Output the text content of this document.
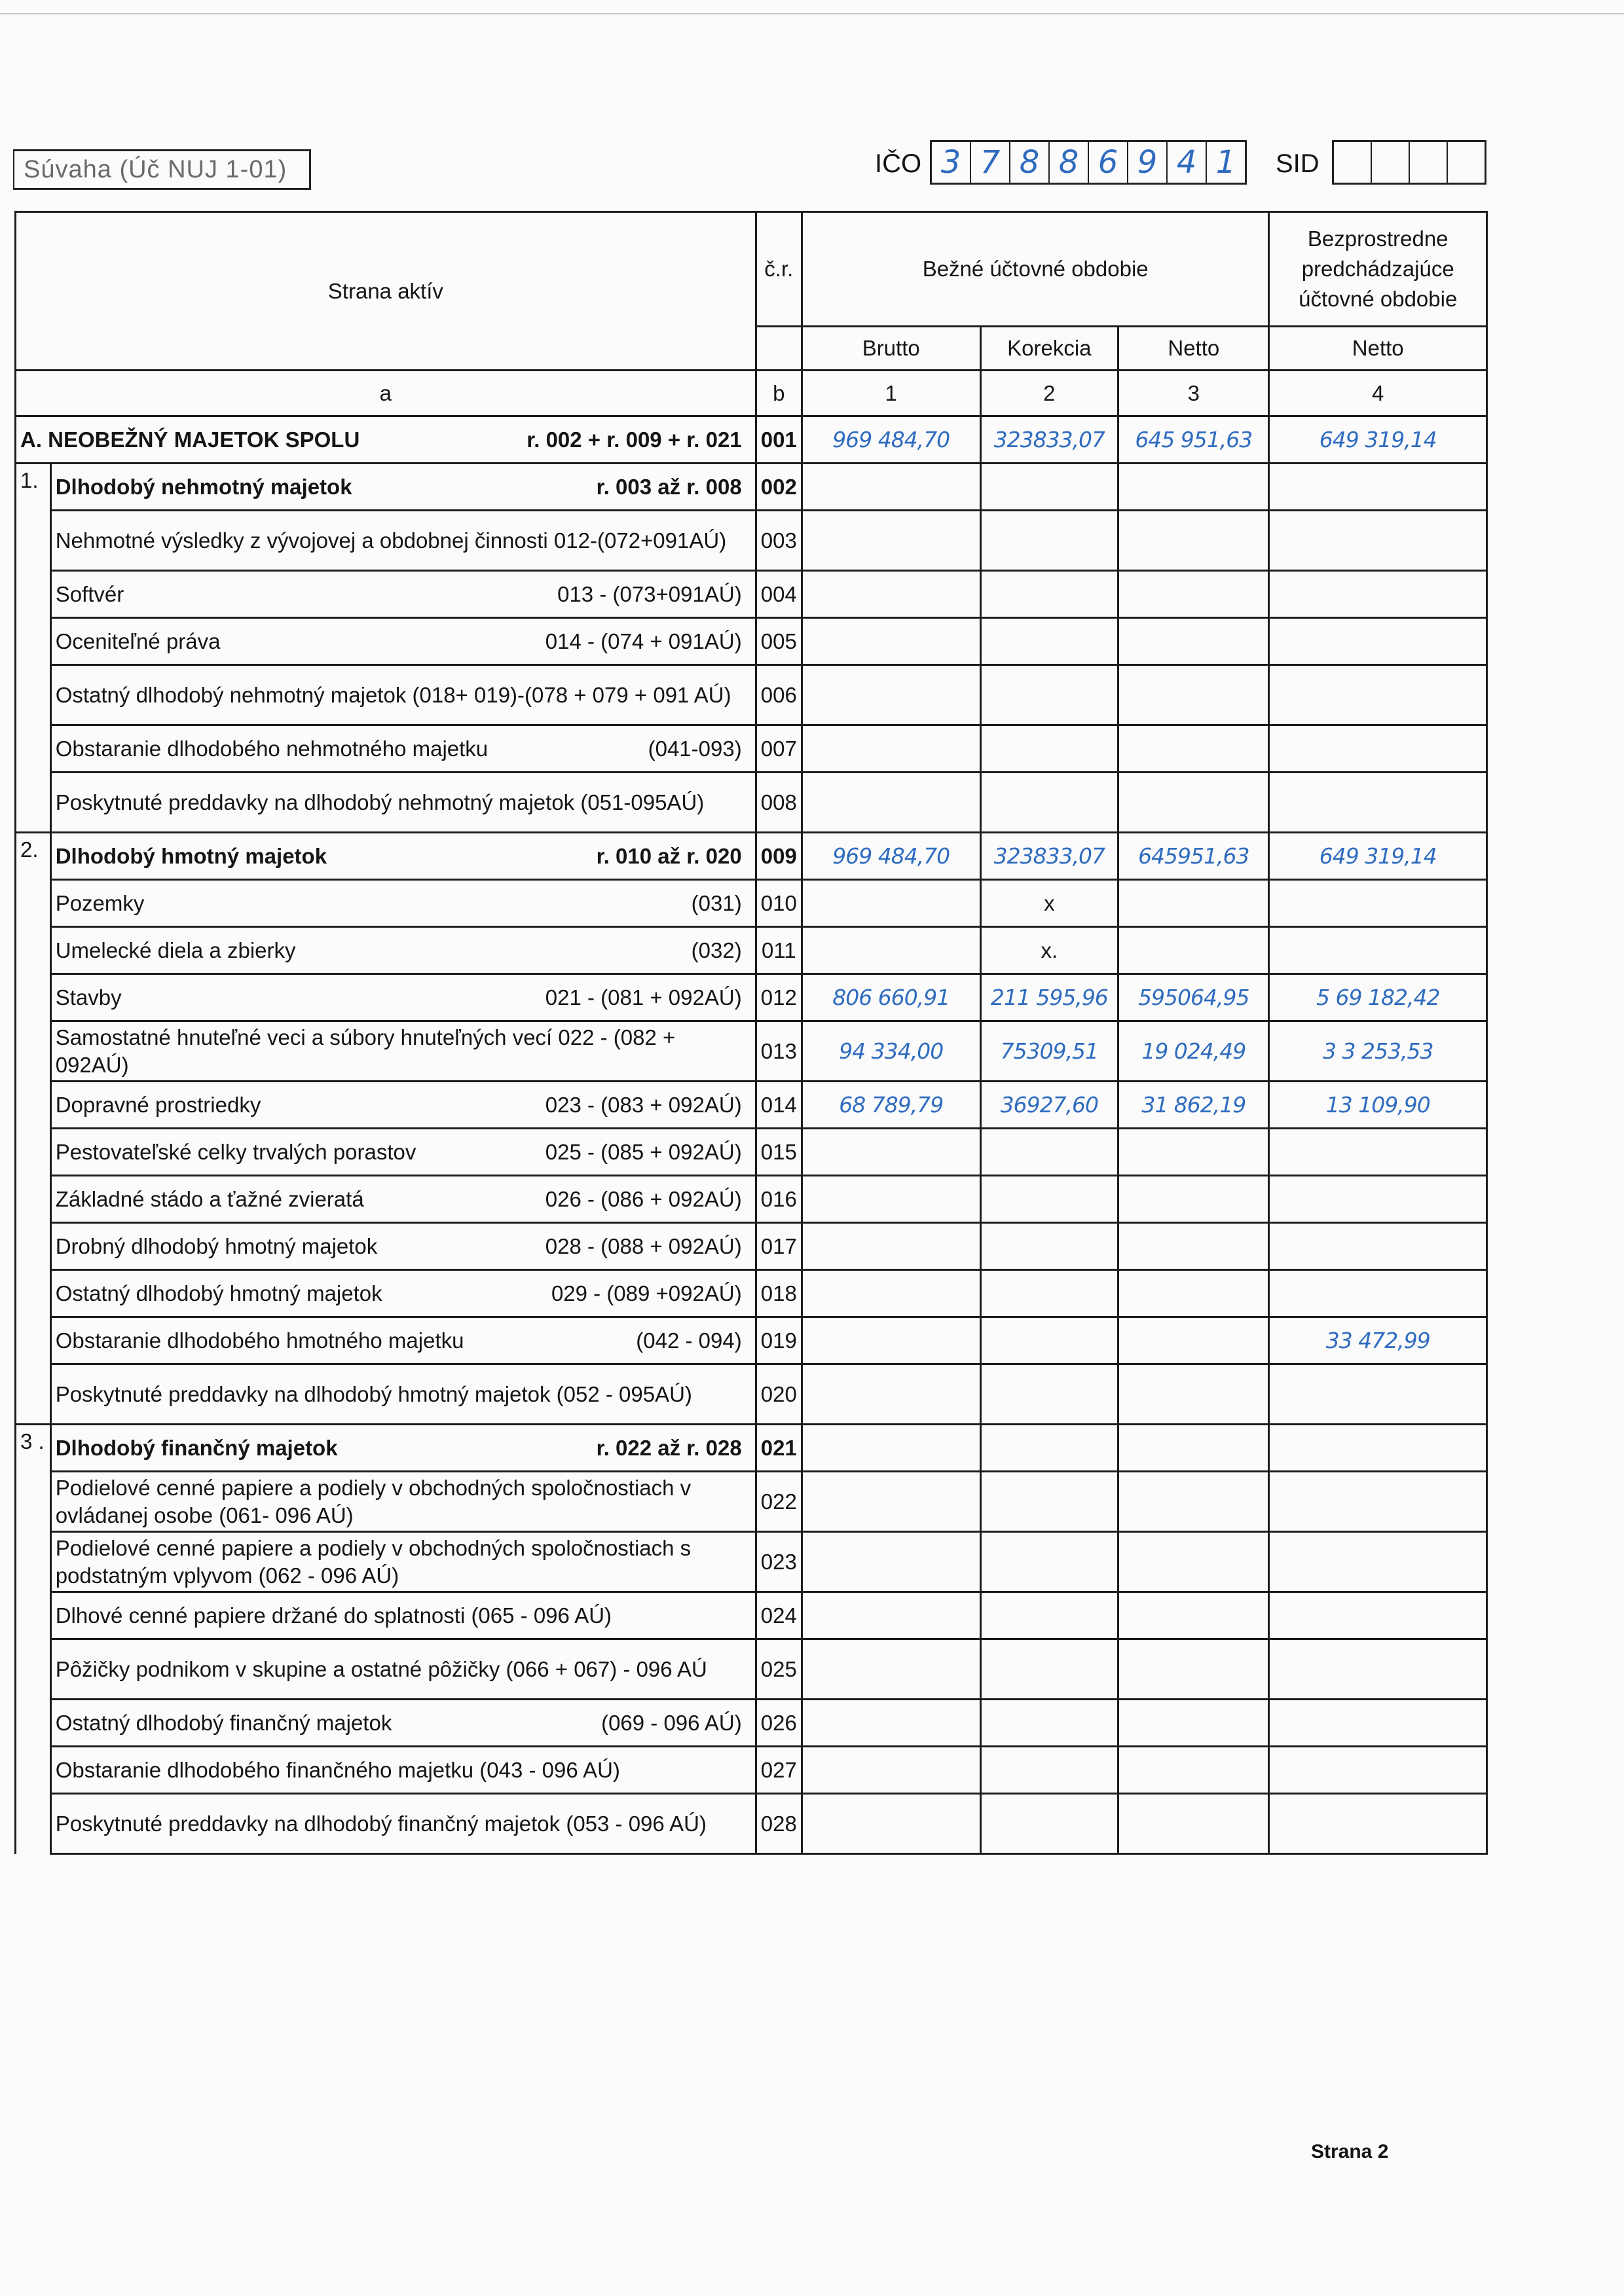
Súvaha (Úč NUJ 1-01)	IČO 3 7 8 8 6 9 4 1	SID
Strana aktív		č.r.	Bežné účtovné obdobie			Bezprostredne predchádzajúce účtovné obdobie
			Brutto	Korekcia	Netto	Netto
a		b	1	2	3	4

A. NEOBEŽNÝ MAJETOK SPOLU r. 002 + r. 009 + r. 021		001	969 484,70	323833,07	645 951,63	649 319,14
1.	Dlhodobý nehmotný majetok r. 003 až r. 008	002				
	Nehmotné výsledky z vývojovej a obdobnej činnosti 012-(072+091AÚ)	003				

	Softvér 013 - (073+091AÚ)	004				

	Oceniteľné práva 014 - (074 + 091AÚ)	005				
	Ostatný dlhodobý nehmotný majetok (018+ 019)-(078 + 079 + 091 AÚ)	006				

	Obstaranie dlhodobého nehmotného majetku (041-093)	007				
	Poskytnuté preddavky na dlhodobý nehmotný majetok (051-095AÚ)	008				
2.	Dlhodobý hmotný majetok r. 010 až r. 020	009	969 484,70	323833,07	645951,63	649 319,14

	Pozemky (031)	010		x		

	Umelecké diela a zbierky (032)	011		x.		

	Stavby 021 - (081 + 092AÚ)	012	806 660,91	211 595,96	595064,95	5 69 182,42
	Samostatné hnuteľné veci a súbory hnuteľných vecí 022 - (082 + 092AÚ)	013	94 334,00	75309,51	19 024,49	3 3 253,53

	Dopravné prostriedky 023 - (083 + 092AÚ)	014	68 789,79	36927,60	31 862,19	13 109,90

	Pestovateľské celky trvalých porastov 025 - (085 + 092AÚ)	015				

	Základné stádo a ťažné zvieratá 026 - (086 + 092AÚ)	016				

	Drobný dlhodobý hmotný majetok 028 - (088 + 092AÚ)	017				

	Ostatný dlhodobý hmotný majetok 029 - (089 +092AÚ)	018				

	Obstaranie dlhodobého hmotného majetku (042 - 094)	019				33 472,99
	Poskytnuté preddavky na dlhodobý hmotný majetok (052 - 095AÚ)	020				
3 .	Dlhodobý finančný majetok r. 022 až r. 028	021				
	Podielové cenné papiere a podiely v obchodných spoločnostiach v ovládanej osobe (061- 096 AÚ)	022				
	Podielové cenné papiere a podiely v obchodných spoločnostiach s podstatným vplyvom (062 - 096 AÚ)	023				
	Dlhové cenné papiere držané do splatnosti (065 - 096 AÚ)	024				
	Pôžičky podnikom v skupine a ostatné pôžičky (066 + 067) - 096 AÚ	025				

	Ostatný dlhodobý finančný majetok (069 - 096 AÚ)	026				
	Obstaranie dlhodobého finančného majetku (043 - 096 AÚ)	027				
	Poskytnuté preddavky na dlhodobý finančný majetok (053 - 096 AÚ)	028				
Strana 2
